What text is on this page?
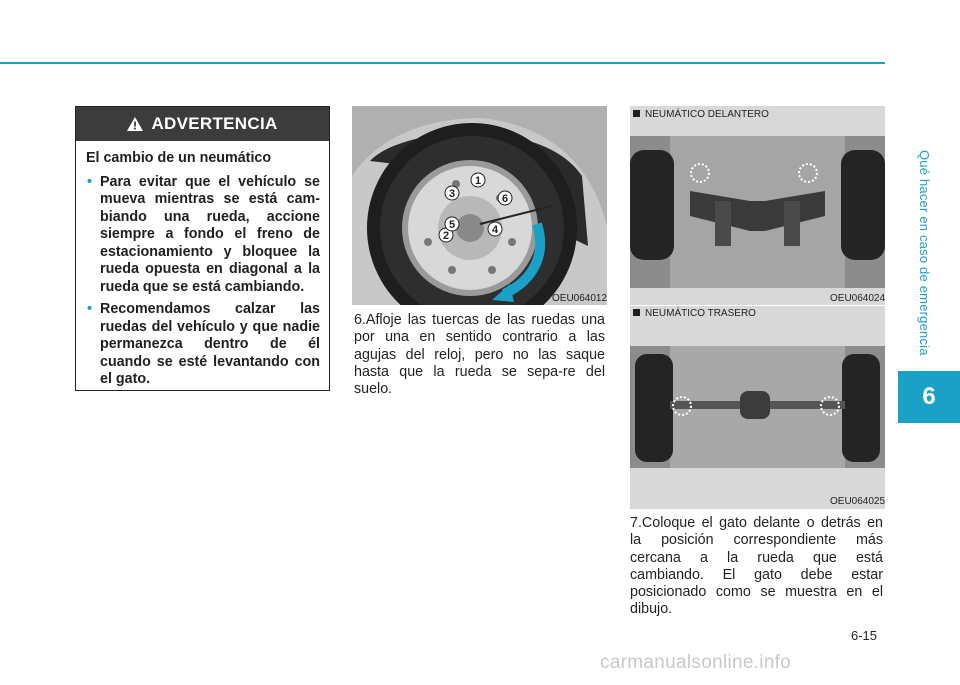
Qué hacer en caso de emergencia
6
ADVERTENCIA
El cambio de un neumático
• Para evitar que el vehículo se mueva mientras se está cam-biando una rueda, accione siempre a fondo el freno de estacionamiento y bloquee la rueda opuesta en diagonal a la rueda que se está cambiando.
• Recomendamos calzar las ruedas del vehículo y que nadie permanezca dentro de él cuando se esté levantando con el gato.
1
2
3
4
5
6
OEU064012
NEUMÁTICO DELANTERO
OEU064024
NEUMÁTICO TRASERO
OEU064025
6.Afloje las tuercas de las ruedas una por una en sentido contrario a las agujas del reloj, pero no las saque hasta que la rueda se sepa-re del suelo.
7.Coloque el gato delante o detrás en la posición correspondiente más cercana a la rueda que está cambiando. El gato debe estar posicionado como se muestra en el dibujo.
6-15
carmanualsonline.info
